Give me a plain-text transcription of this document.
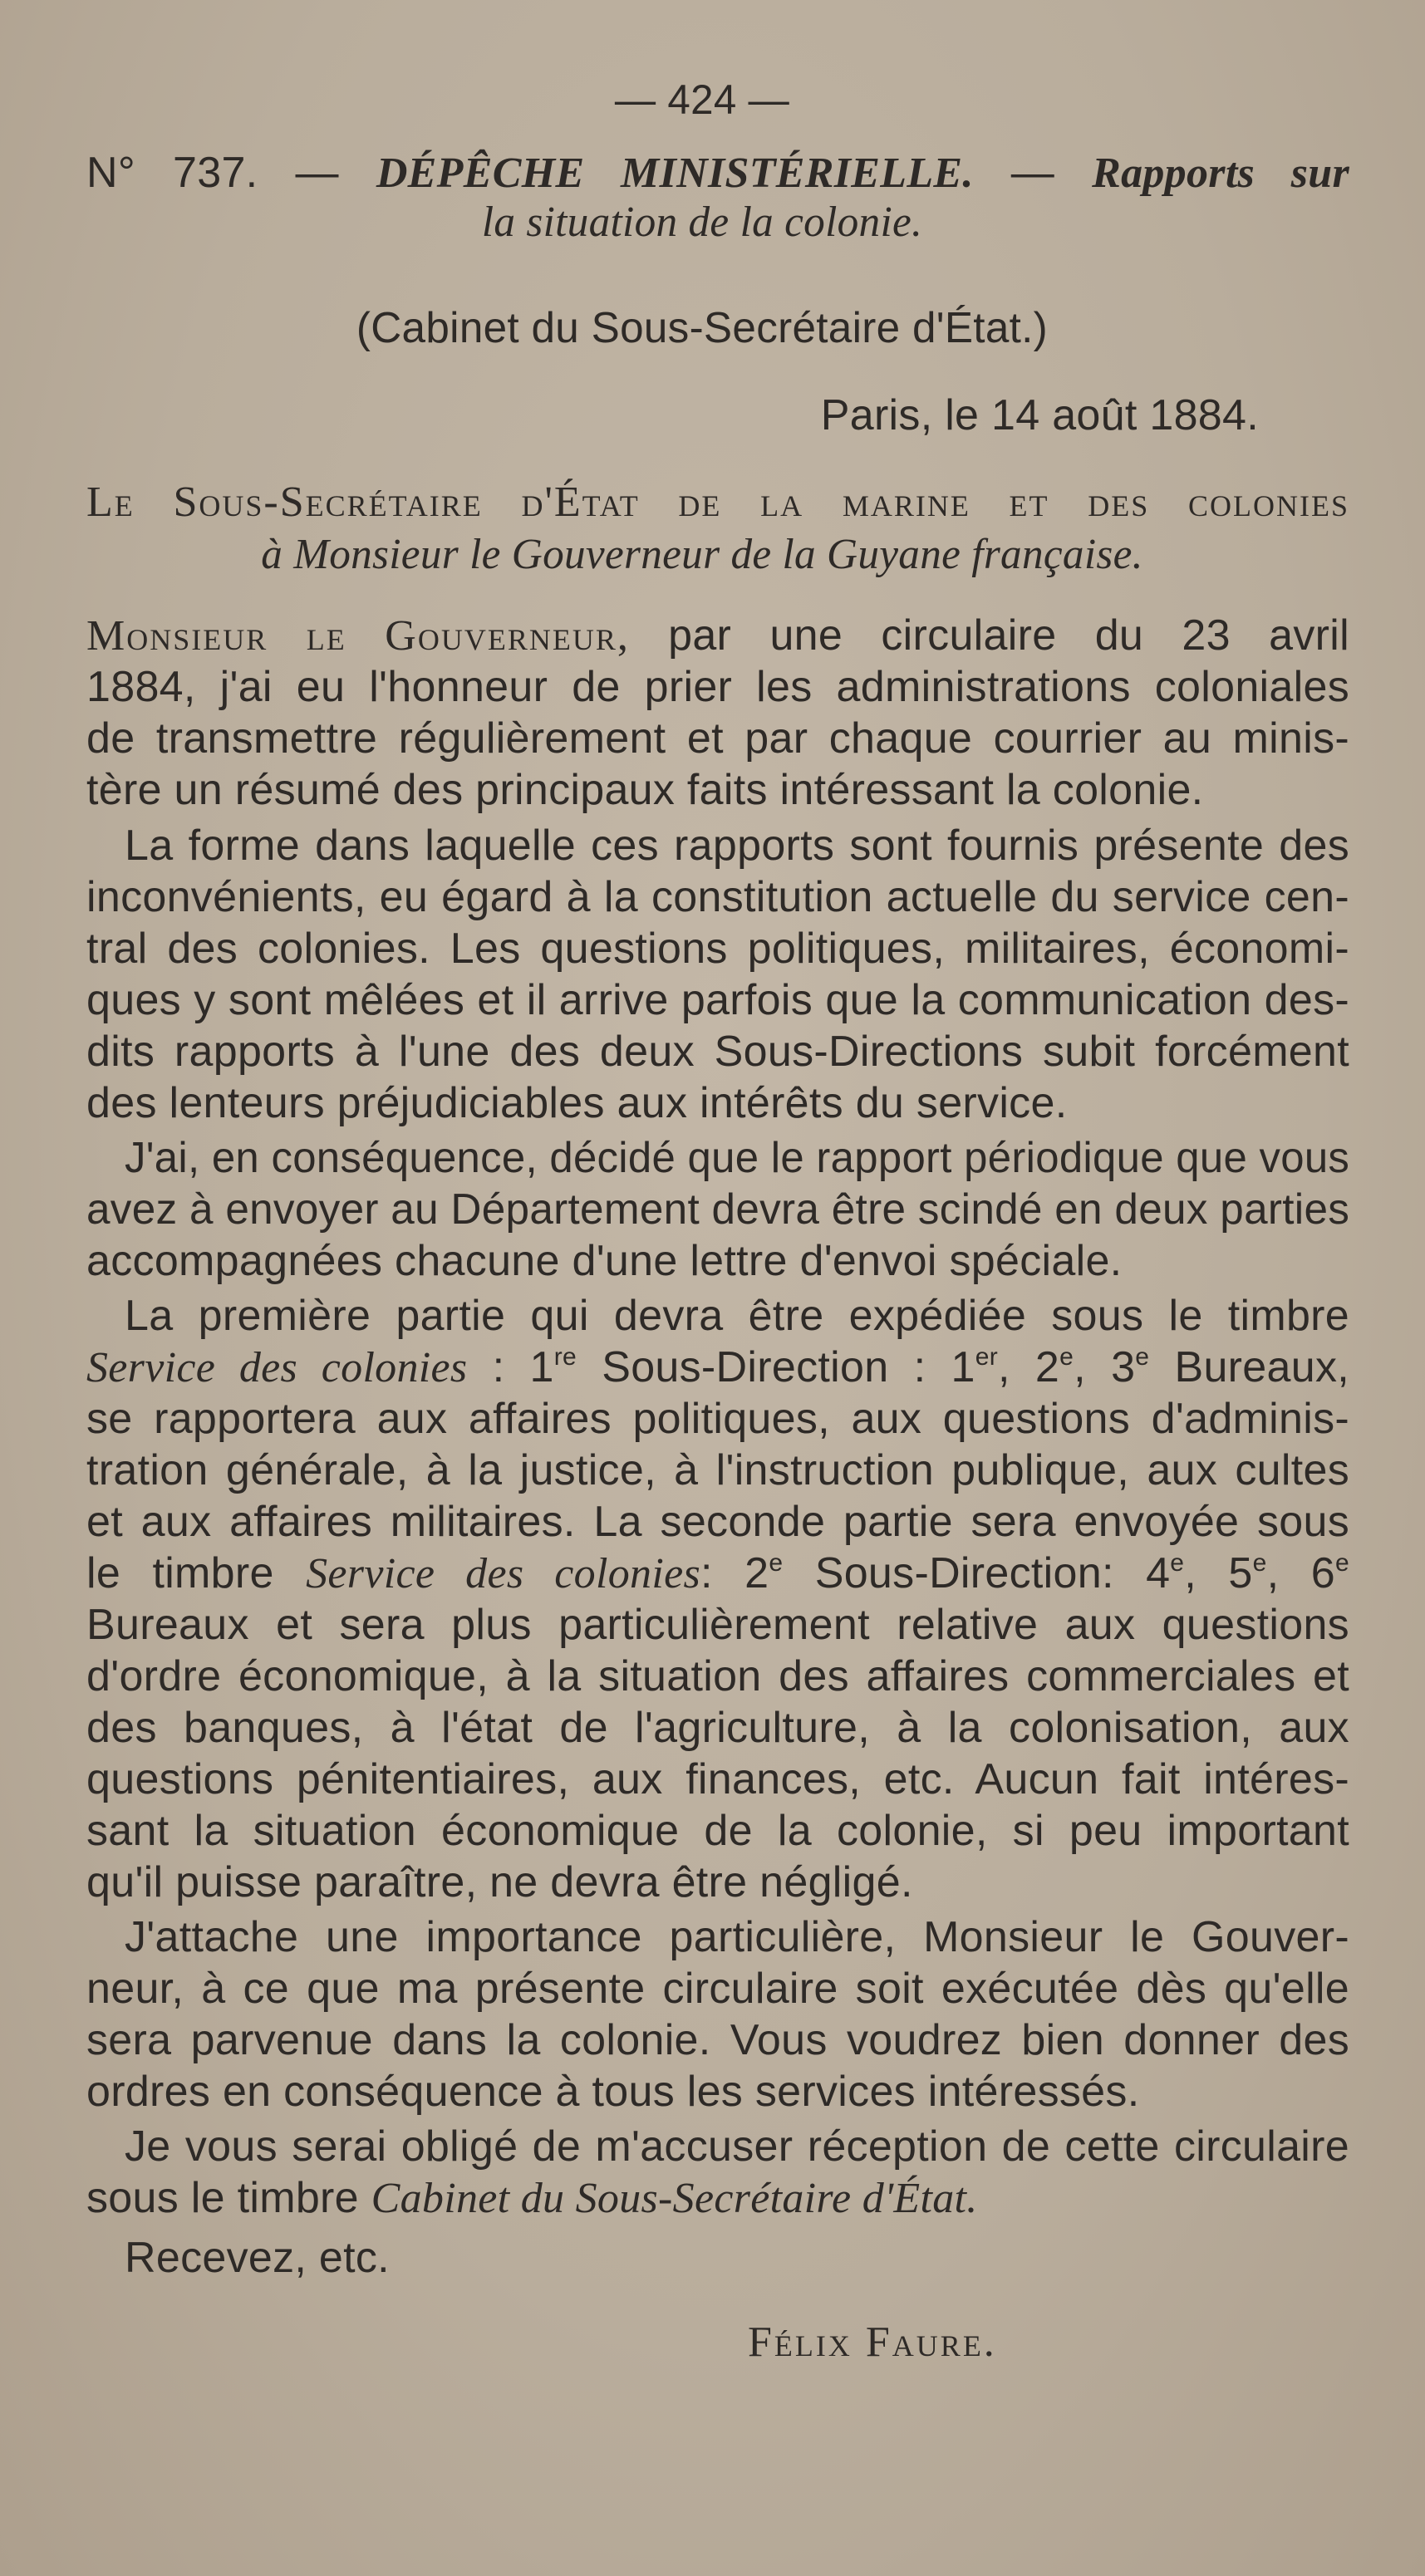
— 424 —
N° 737. — DÉPÊCHE MINISTÉRIELLE. — Rapports sur
la situation de la colonie.
(Cabinet du Sous-Secrétaire d'État.)
Paris, le 14 août 1884.
Le Sous-Secrétaire d'État de la marine et des colonies
à Monsieur le Gouverneur de la Guyane française.
Monsieur le Gouverneur, par une circulaire du 23 avril
1884, j'ai eu l'honneur de prier les administrations coloniales
de transmettre régulièrement et par chaque courrier au minis-
tère un résumé des principaux faits intéressant la colonie.
La forme dans laquelle ces rapports sont fournis présente des
inconvénients, eu égard à la constitution actuelle du service cen-
tral des colonies. Les questions politiques, militaires, économi-
ques y sont mêlées et il arrive parfois que la communication des-
dits rapports à l'une des deux Sous-Directions subit forcément
des lenteurs préjudiciables aux intérêts du service.
J'ai, en conséquence, décidé que le rapport périodique que vous
avez à envoyer au Département devra être scindé en deux parties
accompagnées chacune d'une lettre d'envoi spéciale.
La première partie qui devra être expédiée sous le timbre
Service des colonies : 1re Sous-Direction : 1er, 2e, 3e Bureaux,
se rapportera aux affaires politiques, aux questions d'adminis-
tration générale, à la justice, à l'instruction publique, aux cultes
et aux affaires militaires. La seconde partie sera envoyée sous
le timbre Service des colonies: 2e Sous-Direction: 4e, 5e, 6e
Bureaux et sera plus particulièrement relative aux questions
d'ordre économique, à la situation des affaires commerciales et
des banques, à l'état de l'agriculture, à la colonisation, aux
questions pénitentiaires, aux finances, etc. Aucun fait intéres-
sant la situation économique de la colonie, si peu important
qu'il puisse paraître, ne devra être négligé.
J'attache une importance particulière, Monsieur le Gouver-
neur, à ce que ma présente circulaire soit exécutée dès qu'elle
sera parvenue dans la colonie. Vous voudrez bien donner des
ordres en conséquence à tous les services intéressés.
Je vous serai obligé de m'accuser réception de cette circulaire
sous le timbre Cabinet du Sous-Secrétaire d'État.
Recevez, etc.
Félix Faure.
